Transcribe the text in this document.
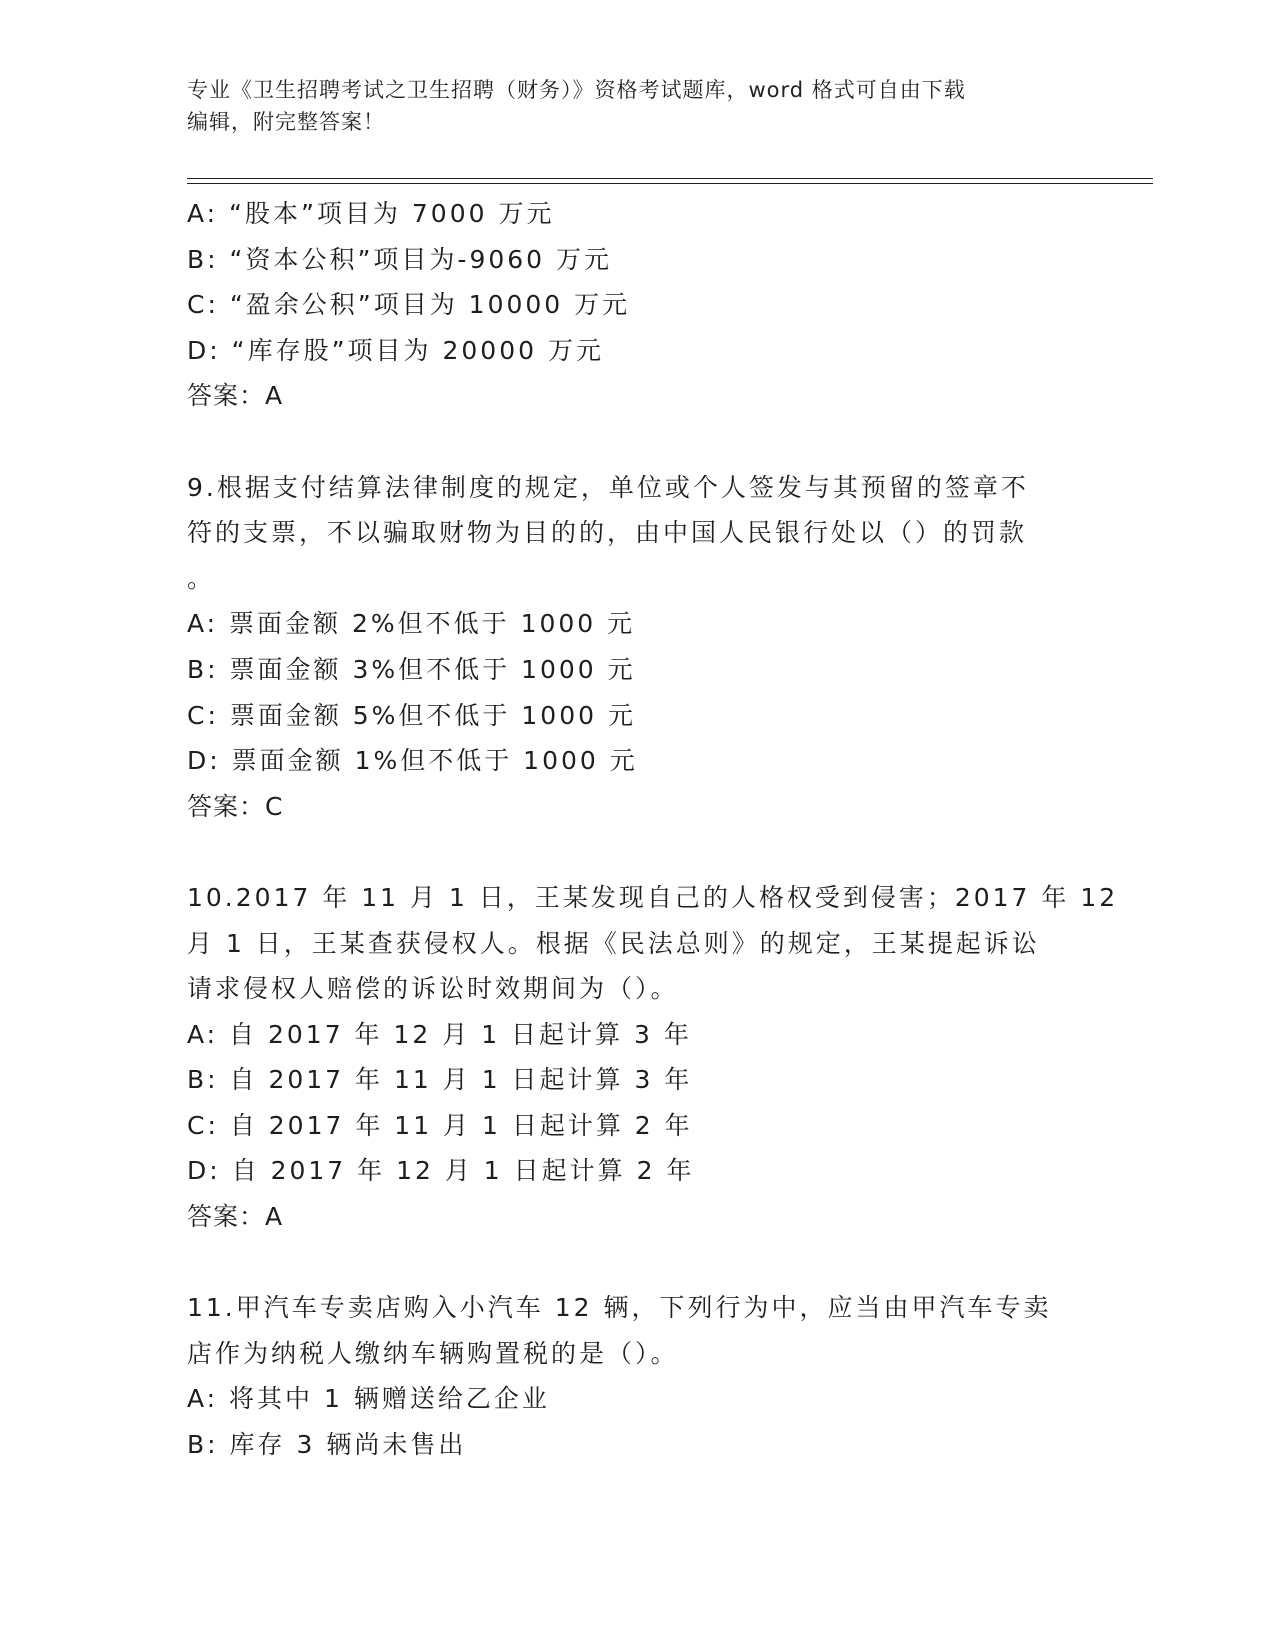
专业《卫生招聘考试之卫生招聘（财务）》资格考试题库，word 格式可自由下载
编辑，附完整答案！
A: “股本”项目为 7000 万元
B: “资本公积”项目为-9060 万元
C: “盈余公积”项目为 10000 万元
D: “库存股”项目为 20000 万元
答案：A
9.根据支付结算法律制度的规定，单位或个人签发与其预留的签章不
符的支票，不以骗取财物为目的的，由中国人民银行处以（）的罚款
。
A: 票面金额 2%但不低于 1000 元
B: 票面金额 3%但不低于 1000 元
C: 票面金额 5%但不低于 1000 元
D: 票面金额 1%但不低于 1000 元
答案：C
10.2017 年 11 月 1 日，王某发现自己的人格权受到侵害；2017 年 12
月 1 日，王某查获侵权人。根据《民法总则》的规定，王某提起诉讼
请求侵权人赔偿的诉讼时效期间为（）。
A: 自 2017 年 12 月 1 日起计算 3 年
B: 自 2017 年 11 月 1 日起计算 3 年
C: 自 2017 年 11 月 1 日起计算 2 年
D: 自 2017 年 12 月 1 日起计算 2 年
答案：A
11.甲汽车专卖店购入小汽车 12 辆，下列行为中，应当由甲汽车专卖
店作为纳税人缴纳车辆购置税的是（）。
A: 将其中 1 辆赠送给乙企业
B: 库存 3 辆尚未售出
